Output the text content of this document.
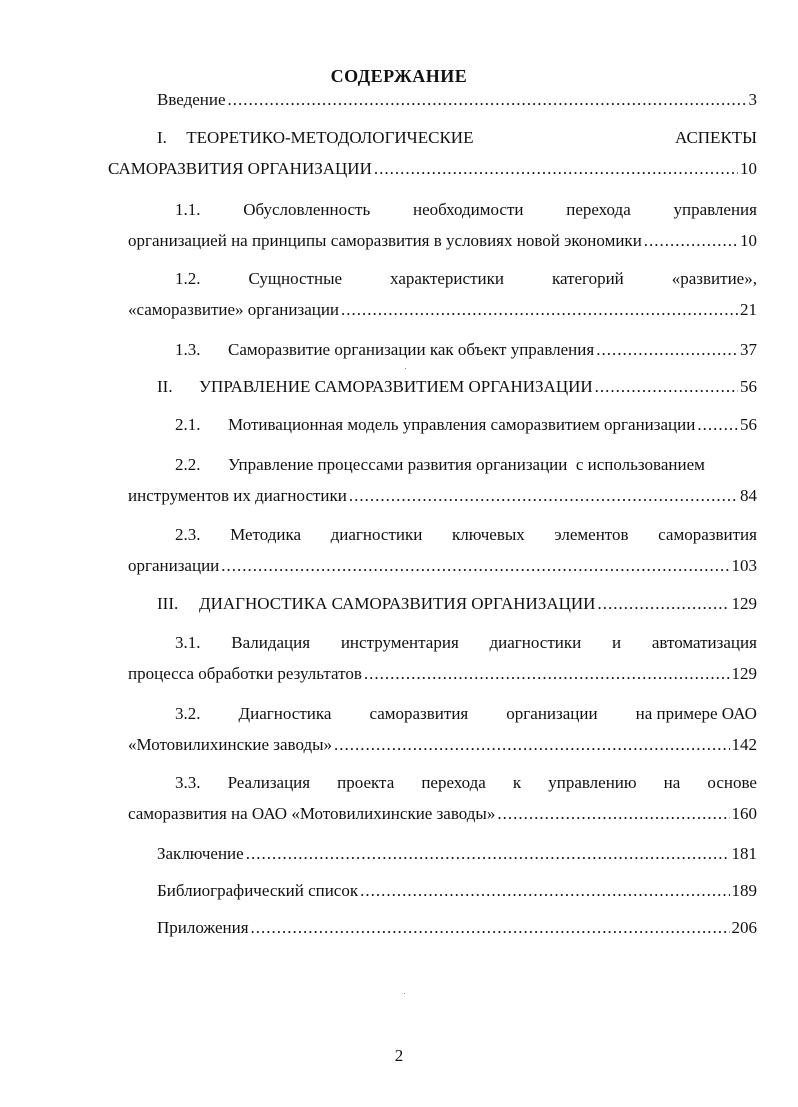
СОДЕРЖАНИЕ
Введение .....	3
I. ТЕОРЕТИКО-МЕТОДОЛОГИЧЕСКИЕ	АСПЕКТЫ
САМОРАЗВИТИЯ ОРГАНИЗАЦИИ .....	10
1.1.	Обусловленность	необходимости	перехода	управления
организацией на принципы саморазвития в условиях новой экономики .....	10
1.2.	Сущностные	характеристики	категорий	«развитие»,
«саморазвитие» организации .....	21
1.3.	Саморазвитие организации как объект управления .....	37
II.	УПРАВЛЕНИЕ САМОРАЗВИТИЕМ ОРГАНИЗАЦИИ .....	56
2.1.	Мотивационная модель управления саморазвитием организации .....	56
2.2.	Управление процессами развития организации  с использованием
инструментов их диагностики .....	84
2.3. Методика диагностики ключевых элементов саморазвития
организации .....	103
III.	ДИАГНОСТИКА САМОРАЗВИТИЯ ОРГАНИЗАЦИИ .....	129
3.1. Валидация инструментария диагностики и автоматизация
процесса обработки результатов .....	129
3.2. Диагностика саморазвития организации на примере ОАО
«Мотовилихинские заводы» .....	142
3.3. Реализация проекта перехода к управлению на основе
саморазвития на ОАО «Мотовилихинские заводы» .....	160
Заключение .....	181
Библиографический список .....	189
Приложения .....	206
2
